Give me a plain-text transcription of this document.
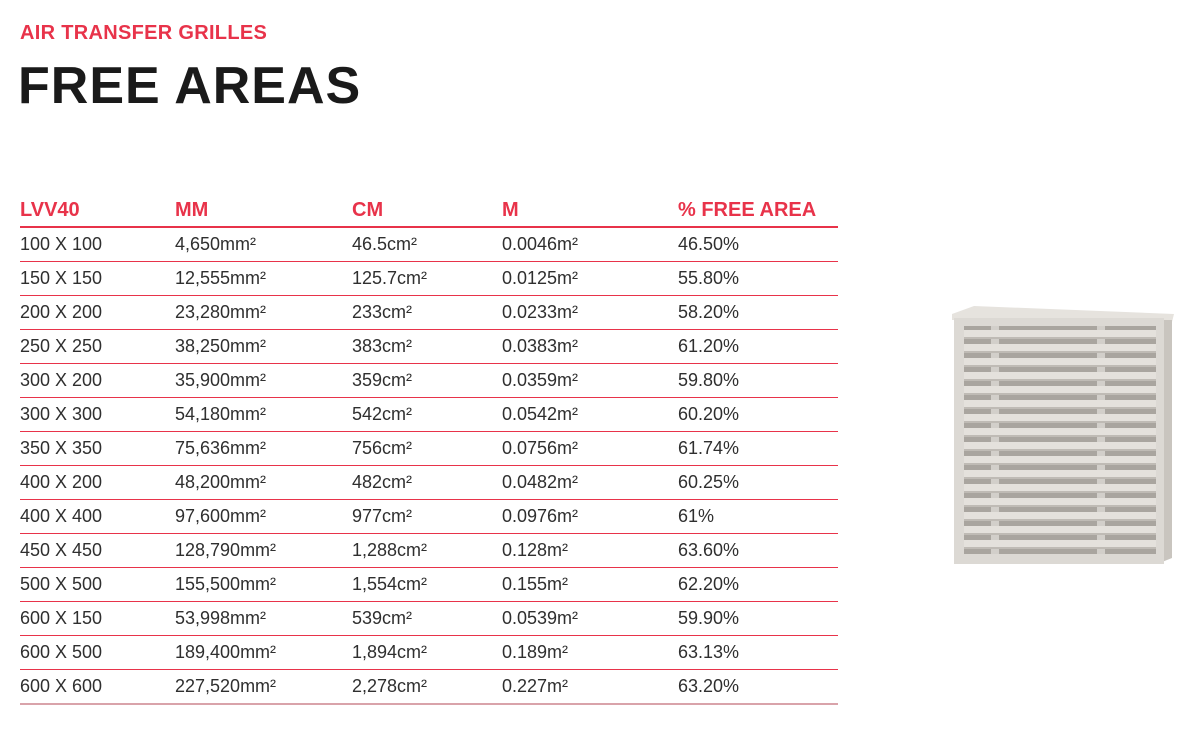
AIR TRANSFER GRILLES
FREE AREAS
LVV40	MM	CM	M	% FREE AREA
100 X 100	4,650mm²	46.5cm²	0.0046m²	46.50%
150 X 150	12,555mm²	125.7cm²	0.0125m²	55.80%
200 X 200	23,280mm²	233cm²	0.0233m²	58.20%
250 X 250	38,250mm²	383cm²	0.0383m²	61.20%
300 X 200	35,900mm²	359cm²	0.0359m²	59.80%
300 X 300	54,180mm²	542cm²	0.0542m²	60.20%
350 X 350	75,636mm²	756cm²	0.0756m²	61.74%
400 X 200	48,200mm²	482cm²	0.0482m²	60.25%
400 X 400	97,600mm²	977cm²	0.0976m²	61%
450 X 450	128,790mm²	1,288cm²	0.128m²	63.60%
500 X 500	155,500mm²	1,554cm²	0.155m²	62.20%
600 X 150	53,998mm²	539cm²	0.0539m²	59.90%
600 X 500	189,400mm²	1,894cm²	0.189m²	63.13%
600 X 600	227,520mm²	2,278cm²	0.227m²	63.20%
